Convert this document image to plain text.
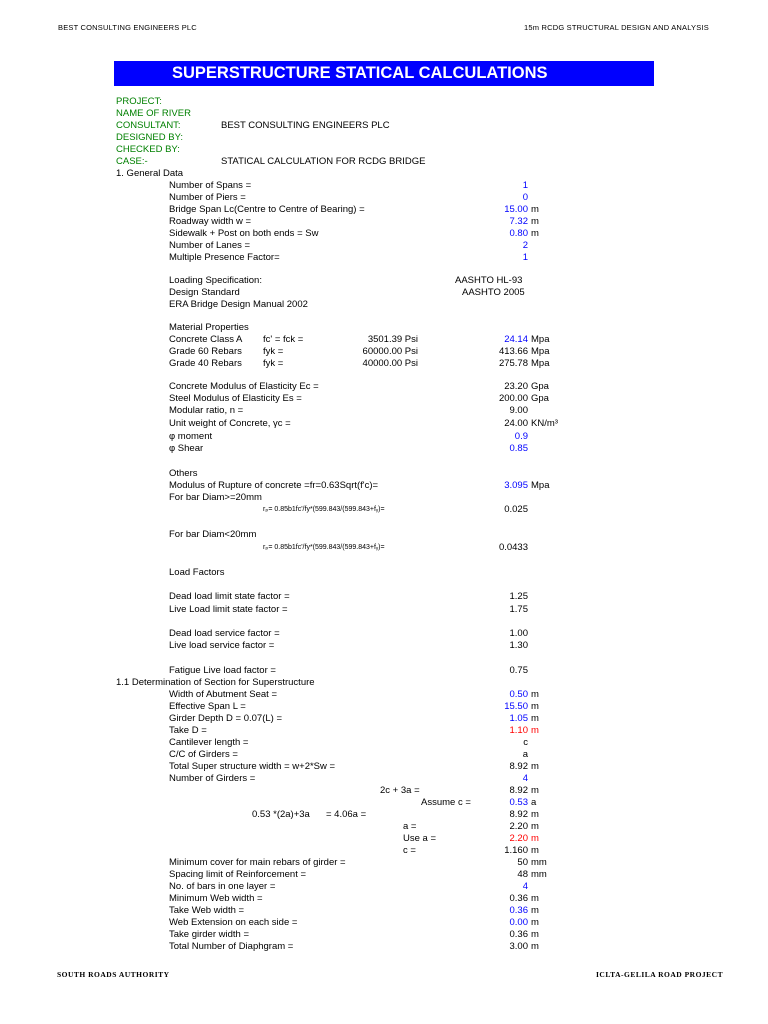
BEST CONSULTING ENGINEERS PLC	15m RCDG STRUCTURAL DESIGN AND ANALYSIS
SUPERSTRUCTURE STATICAL CALCULATIONS
PROJECT:
NAME OF RIVER
CONSULTANT:	BEST CONSULTING ENGINEERS PLC
DESIGNED BY:
CHECKED BY:
CASE:-	STATICAL CALCULATION FOR RCDG BRIDGE
1. General Data
Number of Spans =	1
Number of Piers =	0
Bridge Span Lc(Centre to Centre of Bearing) =	15.00 m
Roadway width w =	7.32 m
Sidewalk + Post on both ends = Sw	0.80 m
Number of Lanes =	2
Multiple Presence Factor=	1
Loading Specification:	AASHTO HL-93
Design Standard	AASHTO 2005
ERA Bridge Design Manual 2002
Material Properties
Concrete Class A fc' = fck =	3501.39 Psi	24.14 Mpa
Grade 60 Rebars fyk =	60000.00 Psi	413.66 Mpa
Grade 40 Rebars fyk =	40000.00 Psi	275.78 Mpa
Concrete Modulus of Elasticity Ec =	23.20 Gpa
Steel Modulus of Elasticity Es =	200.00 Gpa
Modular ratio, n =	9.00
Unit weight of Concrete, γc =	24.00 KN/m³
φ moment	0.9
φ Shear	0.85
Others
Modulus of Rupture of concrete =fr=0.63Sqrt(f'c)=	3.095 Mpa
For bar Diam>=20mm
rₚ= 0.85b1fc'/fy*(599.843/(599.843+fᵧ)=	0.025
For bar Diam<20mm
rₚ= 0.85b1fc'/fy*(599.843/(599.843+fᵧ)=	0.0433
Load Factors
Dead load limit state factor =	1.25
Live Load limit state factor =	1.75
Dead load service factor =	1.00
Live load service factor =	1.30
Fatigue Live load factor =	0.75
1.1 Determination of Section for Superstructure
Width of Abutment Seat =	0.50 m
Effective Span L =	15.50 m
Girder Depth D = 0.07(L) =	1.05 m
Take D =	1.10 m
Cantilever length =	c
C/C of Girders =	a
Total Super structure width = w+2*Sw =	8.92 m
Number of Girders =	4
2c + 3a =	8.92 m
Assume c =	0.53 a
0.53 *(2a)+3a = 4.06a =	8.92 m
a =	2.20 m
Use a =	2.20 m
c =	1.160 m
Minimum cover for main rebars of girder =	50 mm
Spacing limit of Reinforcement =	48 mm
No. of bars in one layer =	4
Minimum Web width =	0.36 m
Take Web width =	0.36 m
Web Extension on each side =	0.00 m
Take girder width =	0.36 m
Total Number of Diaphgram =	3.00 m
SOUTH ROADS AUTHORITY	ICLTA-GELILA ROAD PROJECT
